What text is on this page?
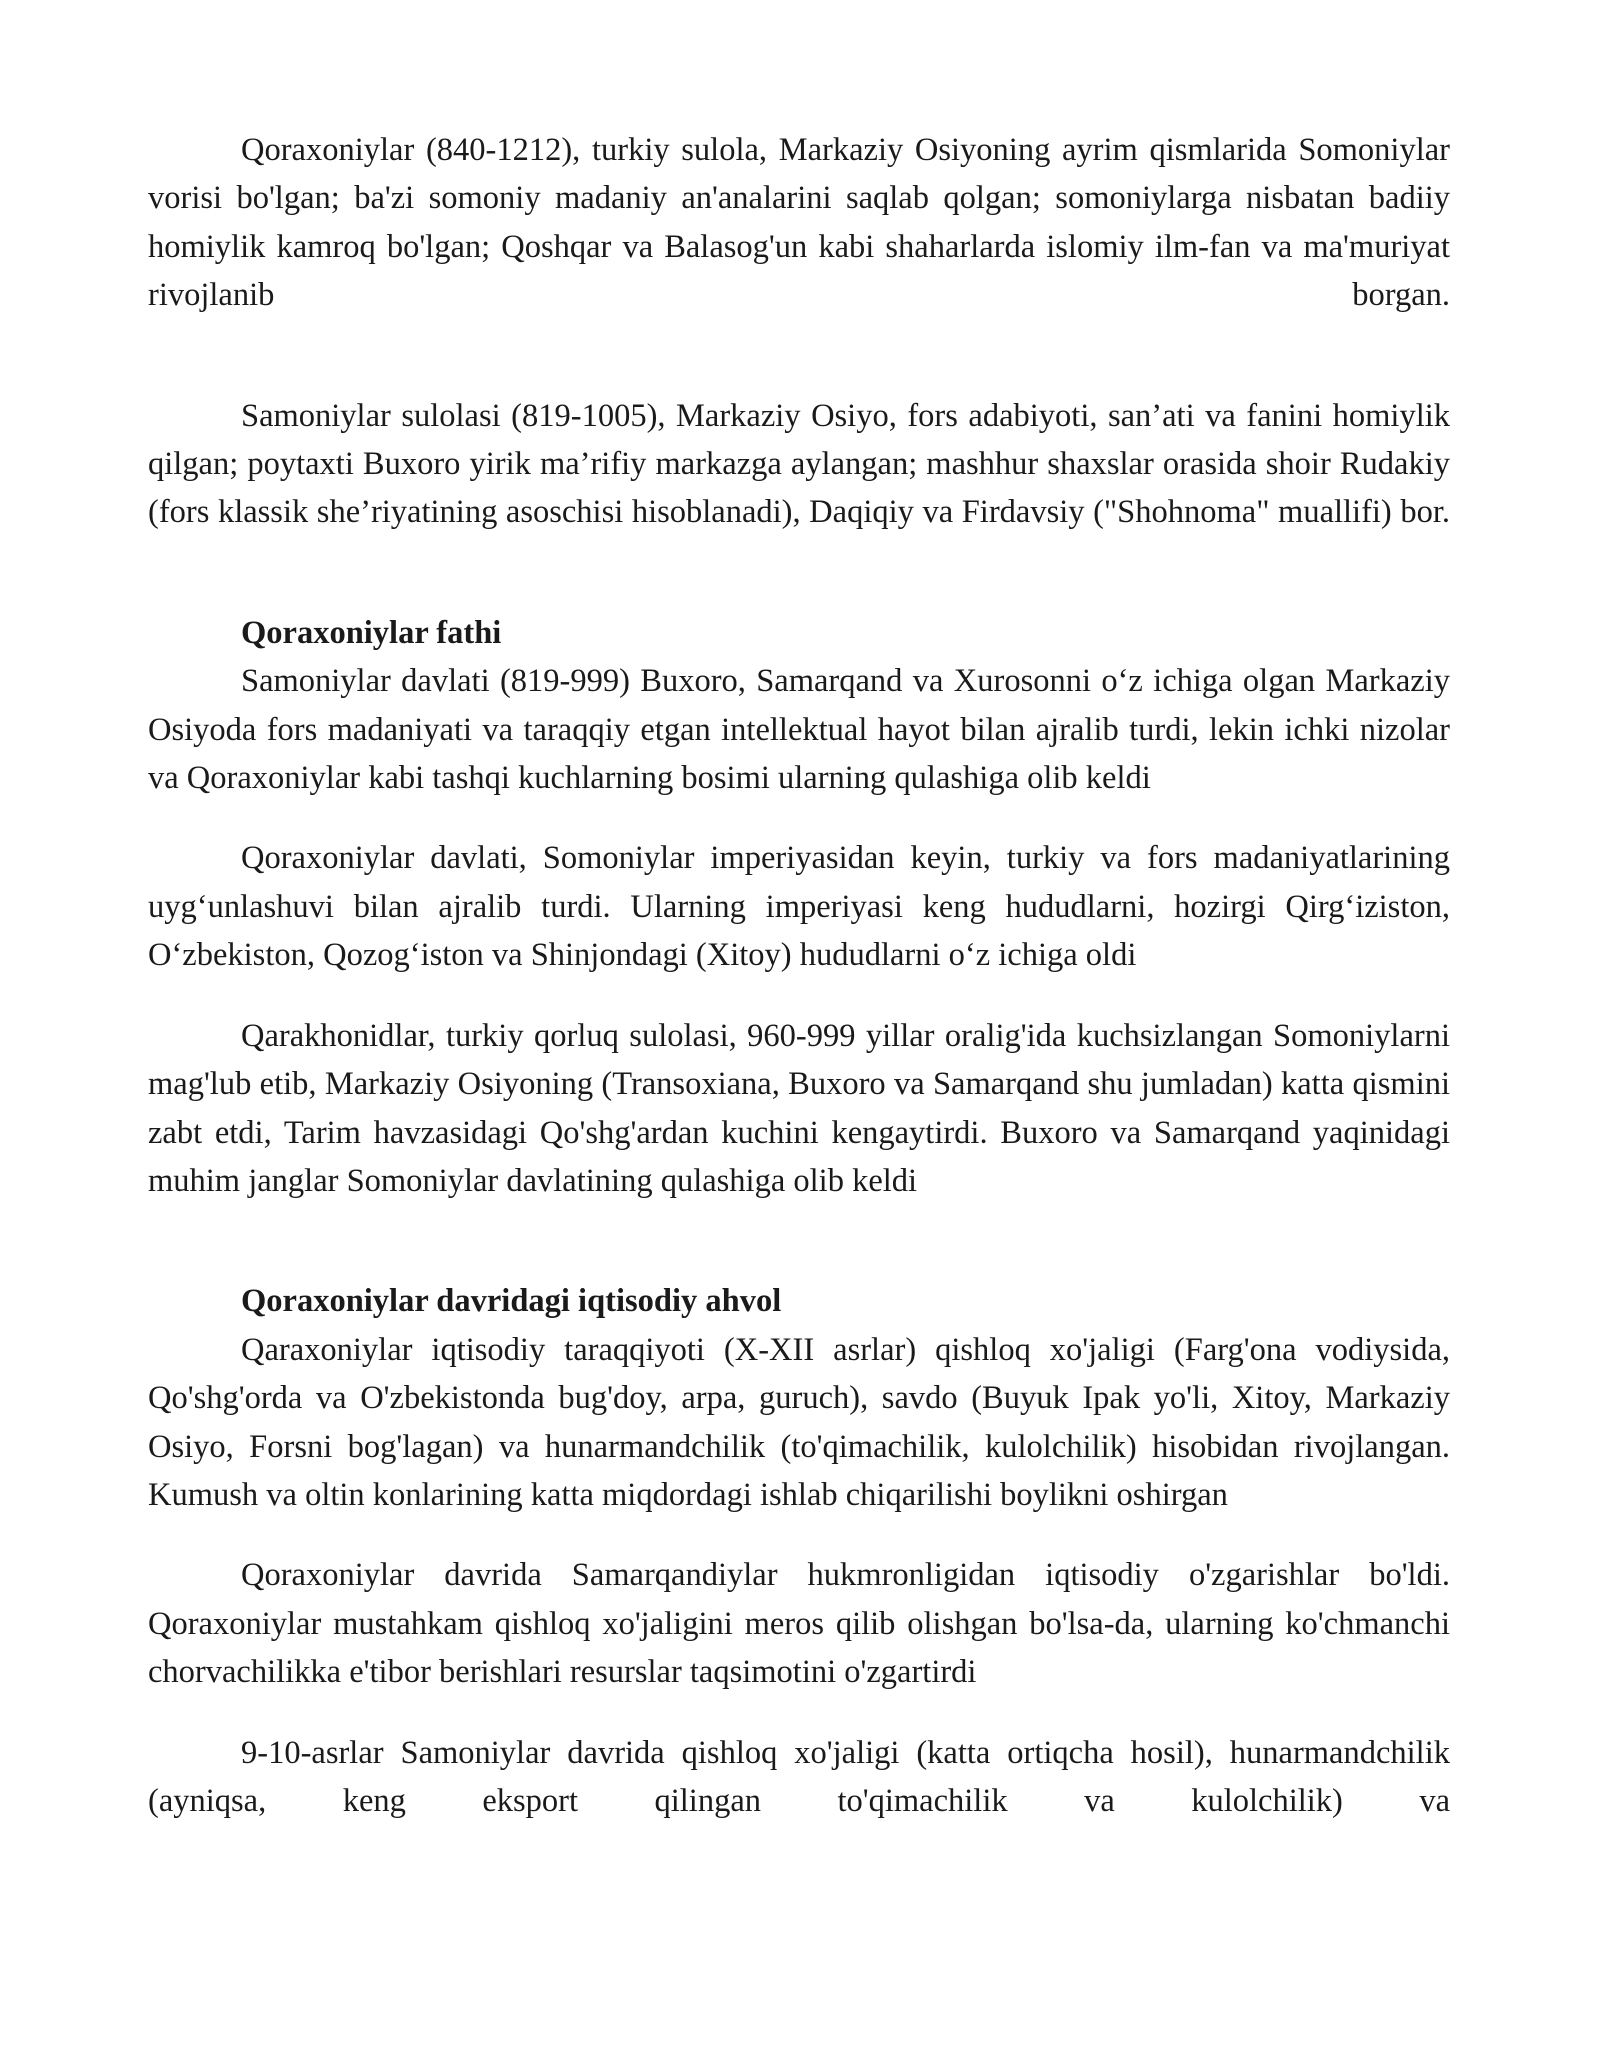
Qoraxoniylar (840-1212), turkiy sulola, Markaziy Osiyoning ayrim qismlarida Somoniylar vorisi bo'lgan; ba'zi somoniy madaniy an'analarini saqlab qolgan; somoniylarga nisbatan badiiy homiylik kamroq bo'lgan; Qoshqar va Balasog'un kabi shaharlarda islomiy ilm-fan va ma'muriyat rivojlanib borgan.

Samoniylar sulolasi (819-1005), Markaziy Osiyo, fors adabiyoti, san’ati va fanini homiylik qilgan; poytaxti Buxoro yirik ma’rifiy markazga aylangan; mashhur shaxslar orasida shoir Rudakiy (fors klassik she’riyatining asoschisi hisoblanadi), Daqiqiy va Firdavsiy ("Shohnoma" muallifi) bor.

Qoraxoniylar fathi

Samoniylar davlati (819-999) Buxoro, Samarqand va Xurosonni o‘z ichiga olgan Markaziy Osiyoda fors madaniyati va taraqqiy etgan intellektual hayot bilan ajralib turdi, lekin ichki nizolar va Qoraxoniylar kabi tashqi kuchlarning bosimi ularning qulashiga olib keldi

Qoraxoniylar davlati, Somoniylar imperiyasidan keyin, turkiy va fors madaniyatlarining uyg‘unlashuvi bilan ajralib turdi. Ularning imperiyasi keng hududlarni, hozirgi Qirg‘iziston, O‘zbekiston, Qozog‘iston va Shinjondagi (Xitoy) hududlarni o‘z ichiga oldi

Qarakhonidlar, turkiy qorluq sulolasi, 960-999 yillar oralig'ida kuchsizlangan Somoniylarni mag'lub etib, Markaziy Osiyoning (Transoxiana, Buxoro va Samarqand shu jumladan) katta qismini zabt etdi, Tarim havzasidagi Qo'shg'ardan kuchini kengaytirdi. Buxoro va Samarqand yaqinidagi muhim janglar Somoniylar davlatining qulashiga olib keldi

Qoraxoniylar davridagi iqtisodiy ahvol

Qaraxoniylar iqtisodiy taraqqiyoti (X-XII asrlar) qishloq xo'jaligi (Farg'ona vodiysida, Qo'shg'orda va O'zbekistonda bug'doy, arpa, guruch), savdo (Buyuk Ipak yo'li, Xitoy, Markaziy Osiyo, Forsni bog'lagan) va hunarmandchilik (to'qimachilik, kulolchilik) hisobidan rivojlangan. Kumush va oltin konlarining katta miqdordagi ishlab chiqarilishi boylikni oshirgan

Qoraxoniylar davrida Samarqandiylar hukmronligidan iqtisodiy o'zgarishlar bo'ldi. Qoraxoniylar mustahkam qishloq xo'jaligini meros qilib olishgan bo'lsa-da, ularning ko'chmanchi chorvachilikka e'tibor berishlari resurslar taqsimotini o'zgartirdi

9-10-asrlar Samoniylar davrida qishloq xo'jaligi (katta ortiqcha hosil), hunarmandchilik (ayniqsa, keng eksport qilingan to'qimachilik va kulolchilik) va
